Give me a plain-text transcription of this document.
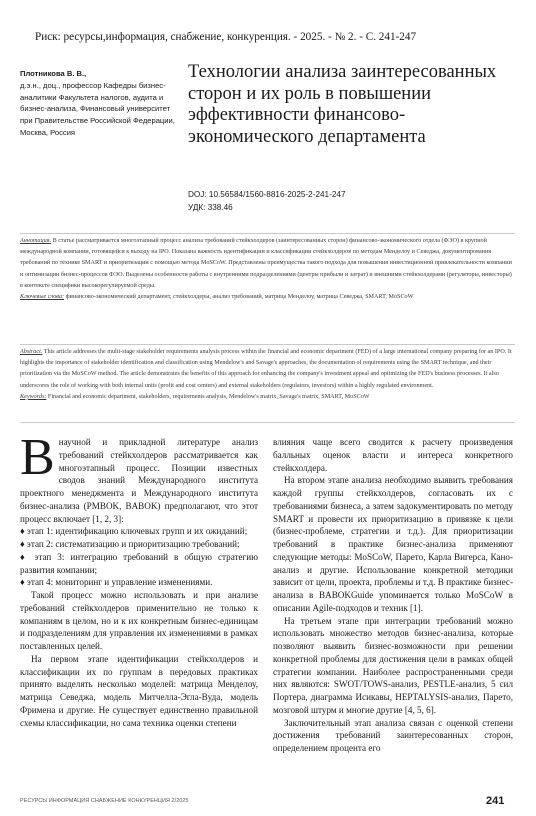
Риск: ресурсы,информация, снабжение, конкуренция. - 2025. - № 2. - С. 241-247
Плотникова В. В.,
д.э.н., доц., профессор Кафедры бизнес-аналитики Факультета налогов, аудита и бизнес-анализа, Финансовый университет при Правительстве Российской Федерации, Москва, Россия
Технологии анализа заинтересованных сторон и их роль в повышении эффективности финансово-экономического департамента
DOJ: 10.56584/1560-8816-2025-2-241-247
УДК: 338.46
Аннотация. В статье рассматривается многоэтапный процесс анализа требований стейкхолдеров (заинтересованных сторон) финансово-экономического отдела (ФЭО) в крупной международной компании, готовящейся к выходу на IPO. Показана важность идентификации и классификации стейкхолдеров по методам Менделоу и Севеджа, документирования требований по технике SMART и приоритизации с помощью метода MoSCoW. Представлены преимущества такого подхода для повышения инвестиционной привлекательности компании и оптимизации бизнес-процессов ФЭО. Выделены особенности работы с внутренними подразделениями (центры прибыли и затрат) и внешними стейкхолдерами (регуляторы, инвесторы) в контексте специфики высокорегулируемой среды.
Ключевые слова: финансово-экономический департамент, стейкхолдеры, анализ требований, матрица Менделоу, матрица Севеджа, SMART, MoSCoW
Abstract. This article addresses the multi-stage stakeholder requirements analysis process within the financial and economic department (FED) of a large international company preparing for an IPO. It highlights the importance of stakeholder identification and classification using Mendelow's and Savage's approaches, the documentation of requirements using the SMART technique, and their prioritization via the MoSCoW method. The article demonstrates the benefits of this approach for enhancing the company's investment appeal and optimizing the FED's business processes. It also underscores the role of working with both internal units (profit and cost centers) and external stakeholders (regulators, investors) within a highly regulated environment.
Keywords: Financial and economic department, stakeholders, requirements analysis, Mendelow's matrix, Savage's matrix, SMART, MoSCoW

Внаучной и прикладной литературе анализ требований стейкхолдеров рассматривается как многоэтапный процесс. Позиции известных сводов знаний Международного института проектного менеджмента и Международного института бизнес-анализа (PMBOK, BABOK) предполагают, что этот процесс включает [1, 2, 3]:

♦ этап 1: идентификацию ключевых групп и их ожиданий;

♦ этап 2: систематизацию и приоритизацию требований;

♦ этап 3: интеграцию требований в общую стратегию развития компании;

♦ этап 4: мониторинг и управление изменениями.

Такой процесс можно использовать и при анализе требований стейкхолдеров применительно не только к компаниям в целом, но и к их конкретным бизнес-единицам и подразделениям для управления их изменениями в рамках поставленных целей.

На первом этапе идентификации стейкхолдеров и классификации их по группам в передовых практиках принято выделять несколько моделей: матрица Менделоу, матрица Севеджа, модель Митчелла-Эгла-Вуда, модель Фримена и другие. Не существует единственно правильной схемы классификации, но сама техника оценки степени

влияния чаще всего сводится к расчету произведения балльных оценок власти и интереса конкретного стейкхолдера.

На втором этапе анализа необходимо выявить требования каждой группы стейкхолдеров, согласовать их с требованиями бизнеса, а затем задокументировать по методу SMART и провести их приоритизацию в привязке к цели (бизнес-проблеме, стратегии и т.д.). Для приоритизации требований в практике бизнес-анализа применяют следующие методы: MoSCoW, Парето, Карла Вигерса, Кано-анализ и другие. Использование конкретной методики зависит от цели, проекта, проблемы и т.д. В практике бизнес-анализа в BABOKGuide упоминается только MoSCoW в описании Agile-подходов и техник [1].

На третьем этапе при интеграции требований можно использовать множество методов бизнес-анализа, которые позволяют выявить бизнес-возможности при решении конкретной проблемы для достижения цели в рамках общей стратегии компании. Наиболее распространенными среди них являются: SWOT/TOWS-анализ, PESTLE-анализ, 5 сил Портера, диаграмма Исикавы, HEPTALYSIS-анализ, Парето, мозговой штурм и многие другие [4, 5, 6].

Заключительный этап анализа связан с оценкой степени достижения требований заинтересованных сторон, определением процента его

РЕСУРСЫ ИНФОРМАЦИЯ СНАБЖЕНИЕ КОНКУРЕНЦИЯ 2/2025	241
